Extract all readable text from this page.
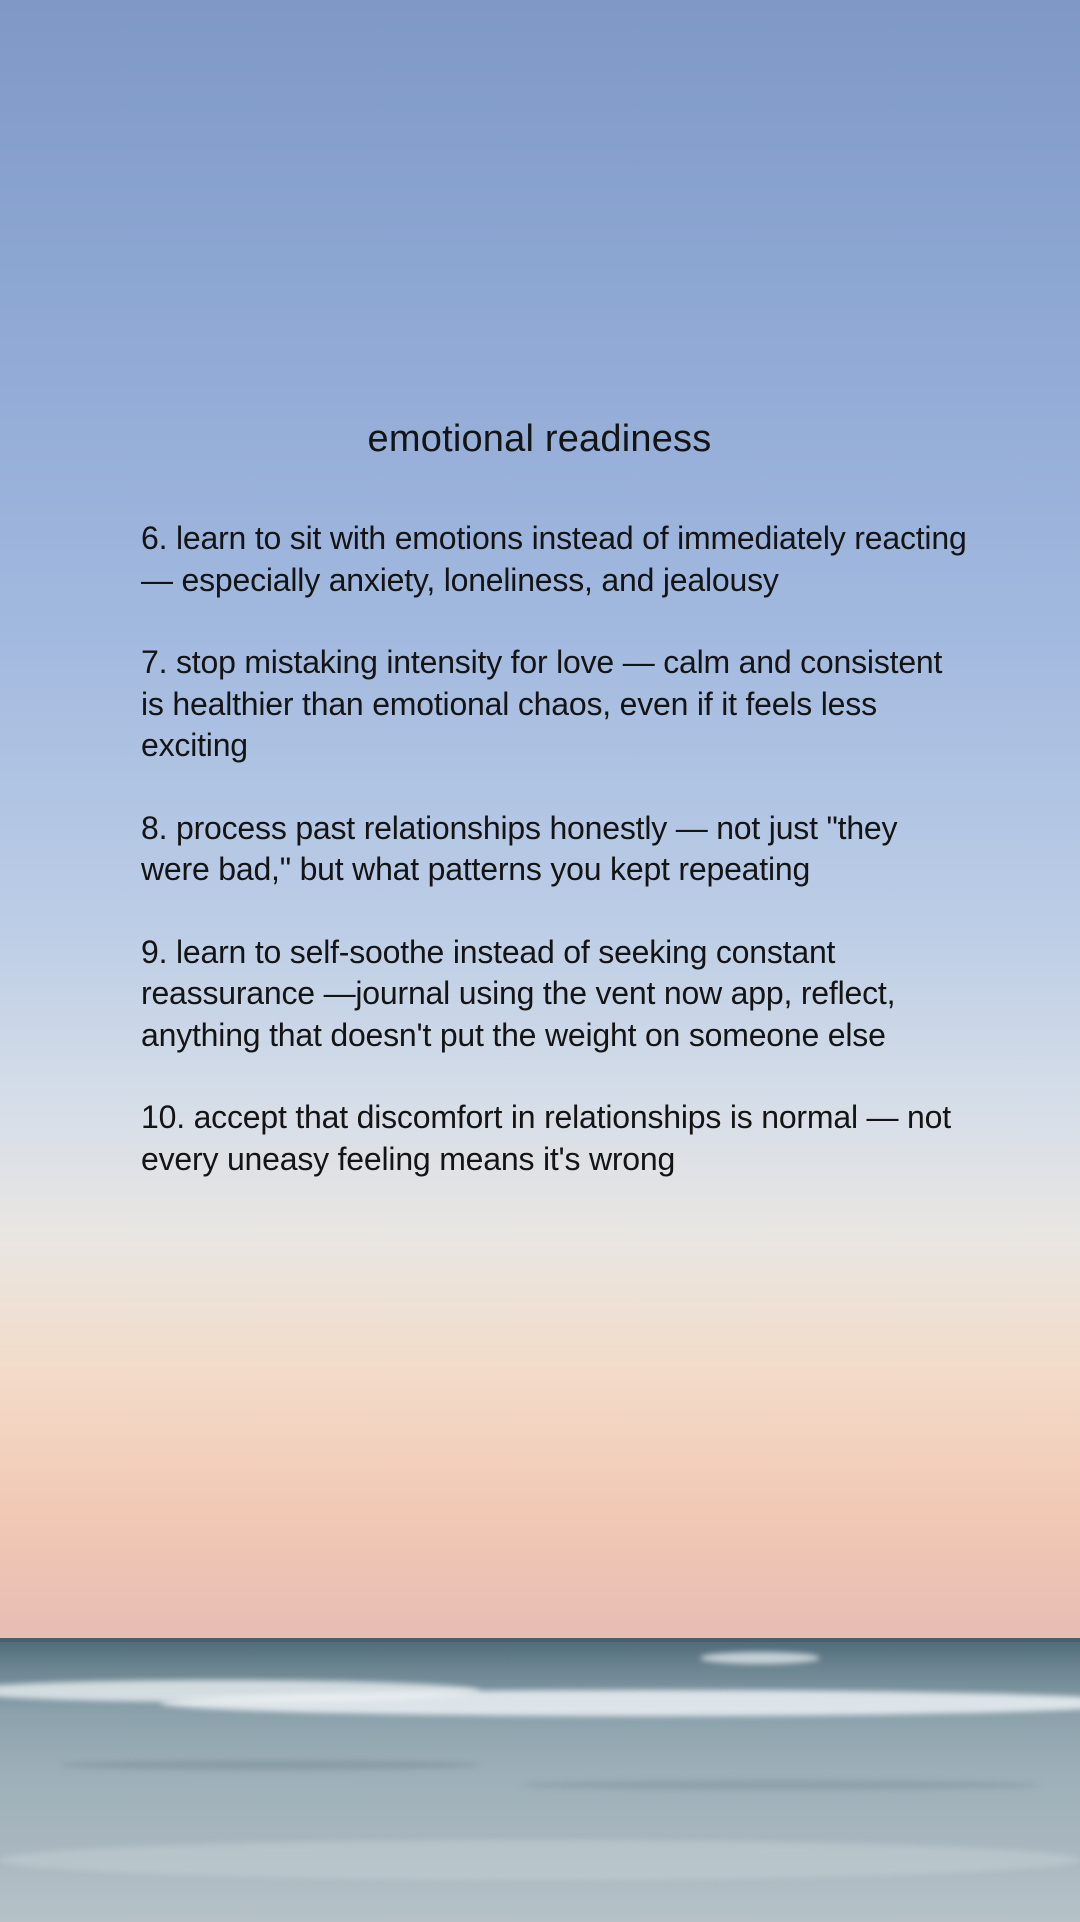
emotional readiness
6. learn to sit with emotions instead of immediately reacting — especially anxiety, loneliness, and jealousy
7. stop mistaking intensity for love — calm and consistent is healthier than emotional chaos, even if it feels less exciting
8. process past relationships honestly — not just "they were bad," but what patterns you kept repeating
9. learn to self-soothe instead of seeking constant reassurance —journal using the vent now app, reflect, anything that doesn't put the weight on someone else
10. accept that discomfort in relationships is normal — not every uneasy feeling means it's wrong
